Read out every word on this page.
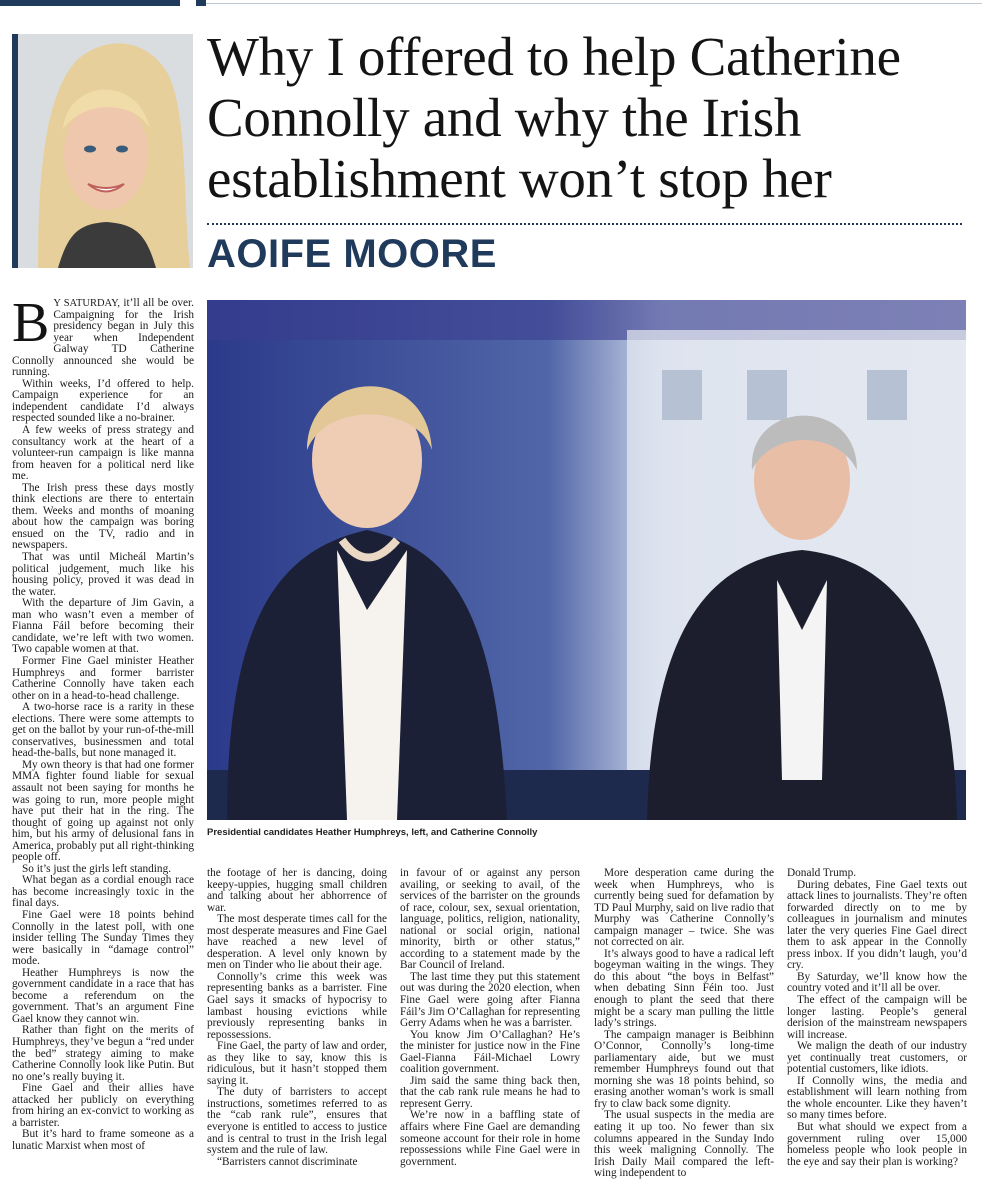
Why I offered to help Catherine Connolly and why the Irish establishment won’t stop her
AOIFE MOORE
Presidential candidates Heather Humphreys, left, and Catherine Connolly

B Y SATURDAY, it’ll all be over. Campaigning for the Irish presidency began in July this year when Independent Galway TD Catherine Connolly announced she would be running.

Within weeks, I’d offered to help. Campaign experience for an independent candidate I’d always respected sounded like a no-brainer.

A few weeks of press strategy and consultancy work at the heart of a volunteer-run campaign is like manna from heaven for a political nerd like me.

The Irish press these days mostly think elections are there to entertain them. Weeks and months of moaning about how the campaign was boring ensued on the TV, radio and in newspapers.

That was until Micheál Martin’s political judgement, much like his housing policy, proved it was dead in the water.

With the departure of Jim Gavin, a man who wasn’t even a member of Fianna Fáil before becoming their candidate, we’re left with two women. Two capable women at that.

Former Fine Gael minister Heather Humphreys and former barrister Catherine Connolly have taken each other on in a head-to-head challenge.

A two-horse race is a rarity in these elections. There were some attempts to get on the ballot by your run-of-the-mill conservatives, businessmen and total head-the-balls, but none managed it.

My own theory is that had one former MMA fighter found liable for sexual assault not been saying for months he was going to run, more people might have put their hat in the ring. The thought of going up against not only him, but his army of delusional fans in America, probably put all right-thinking people off.

So it’s just the girls left standing.

What began as a cordial enough race has become increasingly toxic in the final days.

Fine Gael were 18 points behind Connolly in the latest poll, with one insider telling The Sunday Times they were basically in “damage control” mode.

Heather Humphreys is now the government candidate in a race that has become a referendum on the government. That’s an argument Fine Gael know they cannot win.

Rather than fight on the merits of Humphreys, they’ve begun a “red under the bed” strategy aiming to make Catherine Connolly look like Putin. But no one’s really buying it.

Fine Gael and their allies have attacked her publicly on everything from hiring an ex-convict to working as a barrister.

But it’s hard to frame someone as a lunatic Marxist when most of

the footage of her is dancing, doing keepy-uppies, hugging small children and talking about her abhorrence of war.

The most desperate times call for the most desperate measures and Fine Gael have reached a new level of desperation. A level only known by men on Tinder who lie about their age.

Connolly’s crime this week was representing banks as a barrister. Fine Gael says it smacks of hypocrisy to lambast housing evictions while previously representing banks in repossessions.

Fine Gael, the party of law and order, as they like to say, know this is ridiculous, but it hasn’t stopped them saying it.

The duty of barristers to accept instructions, sometimes referred to as the “cab rank rule”, ensures that everyone is entitled to access to justice and is central to trust in the Irish legal system and the rule of law.

“Barristers cannot discriminate

in favour of or against any person availing, or seeking to avail, of the services of the barrister on the grounds of race, colour, sex, sexual orientation, language, politics, religion, nationality, national or social origin, national minority, birth or other status,” according to a statement made by the Bar Council of Ireland.

The last time they put this statement out was during the 2020 election, when Fine Gael were going after Fianna Fáil’s Jim O’Callaghan for representing Gerry Adams when he was a barrister.

You know Jim O’Callaghan? He’s the minister for justice now in the Fine Gael-Fianna Fáil-Michael Lowry coalition government.

Jim said the same thing back then, that the cab rank rule means he had to represent Gerry.

We’re now in a baffling state of affairs where Fine Gael are demanding someone account for their role in home repossessions while Fine Gael were in government.

More desperation came during the week when Humphreys, who is currently being sued for defamation by TD Paul Murphy, said on live radio that Murphy was Catherine Connolly’s campaign manager – twice. She was not corrected on air.

It’s always good to have a radical left bogeyman waiting in the wings. They do this about “the boys in Belfast” when debating Sinn Féin too. Just enough to plant the seed that there might be a scary man pulling the little lady’s strings.

The campaign manager is Beibhinn O’Connor, Connolly’s long-time parliamentary aide, but we must remember Humphreys found out that morning she was 18 points behind, so erasing another woman’s work is small fry to claw back some dignity.

The usual suspects in the media are eating it up too. No fewer than six columns appeared in the Sunday Indo this week maligning Connolly. The Irish Daily Mail compared the left-wing independent to

Donald Trump.

During debates, Fine Gael texts out attack lines to journalists. They’re often forwarded directly on to me by colleagues in journalism and minutes later the very queries Fine Gael direct them to ask appear in the Connolly press inbox. If you didn’t laugh, you’d cry.

By Saturday, we’ll know how the country voted and it’ll all be over.

The effect of the campaign will be longer lasting. People’s general derision of the mainstream newspapers will increase.

We malign the death of our industry yet continually treat customers, or potential customers, like idiots.

If Connolly wins, the media and establishment will learn nothing from the whole encounter. Like they haven’t so many times before.

But what should we expect from a government ruling over 15,000 homeless people who look people in the eye and say their plan is working?
